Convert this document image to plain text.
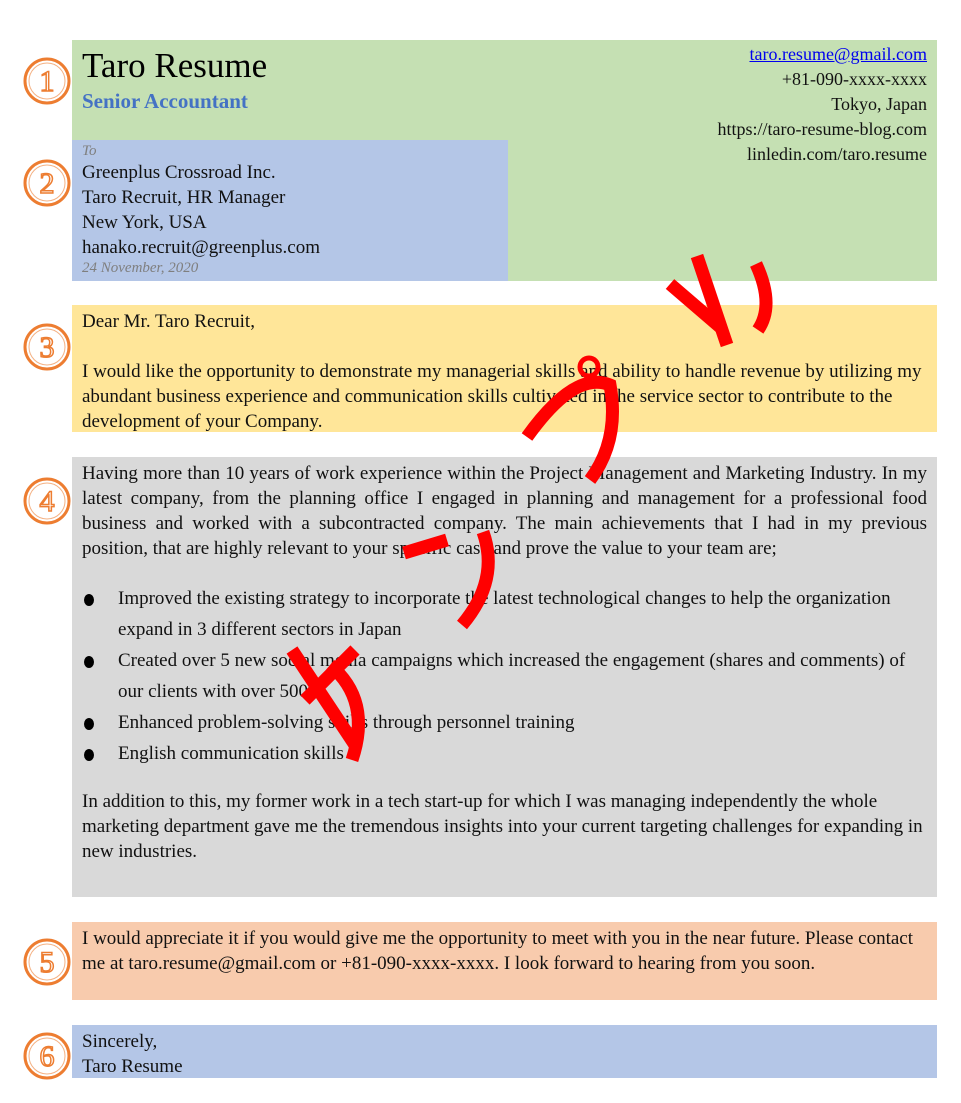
Taro Resume
Senior Accountant
taro.resume@gmail.com
+81-090-xxxx-xxxx
Tokyo, Japan
https://taro-resume-blog.com
linledin.com/taro.resume
To
Greenplus Crossroad Inc.
Taro Recruit, HR Manager
New York, USA
hanako.recruit@greenplus.com
24 November, 2020
Dear Mr. Taro Recruit,
I would like the opportunity to demonstrate my managerial skills and ability to handle revenue by utilizing my abundant business experience and communication skills cultivated in the service sector to contribute to the development of your Company.
Having more than 10 years of work experience within the Project Management and Marketing Industry. In my latest company, from the planning office I engaged in planning and management for a professional food business and worked with a subcontracted company. The main achievements that I had in my previous position, that are highly relevant to your specific case and prove the value to your team are;
Improved the existing strategy to incorporate the latest technological changes to help the organization expand in 3 different sectors in Japan
Created over 5 new social media campaigns which increased the engagement (shares and comments) of our clients with over 500%
Enhanced problem-solving skills through personnel training
English communication skills
In addition to this, my former work in a tech start-up for which I was managing independently the whole marketing department gave me the tremendous insights into your current targeting challenges for expanding in new industries.
I would appreciate it if you would give me the opportunity to meet with you in the near future. Please contact me at taro.resume@gmail.com or +81-090-xxxx-xxxx. I look forward to hearing from you soon.
Sincerely,
Taro Resume
1
2
3
4
5
6
